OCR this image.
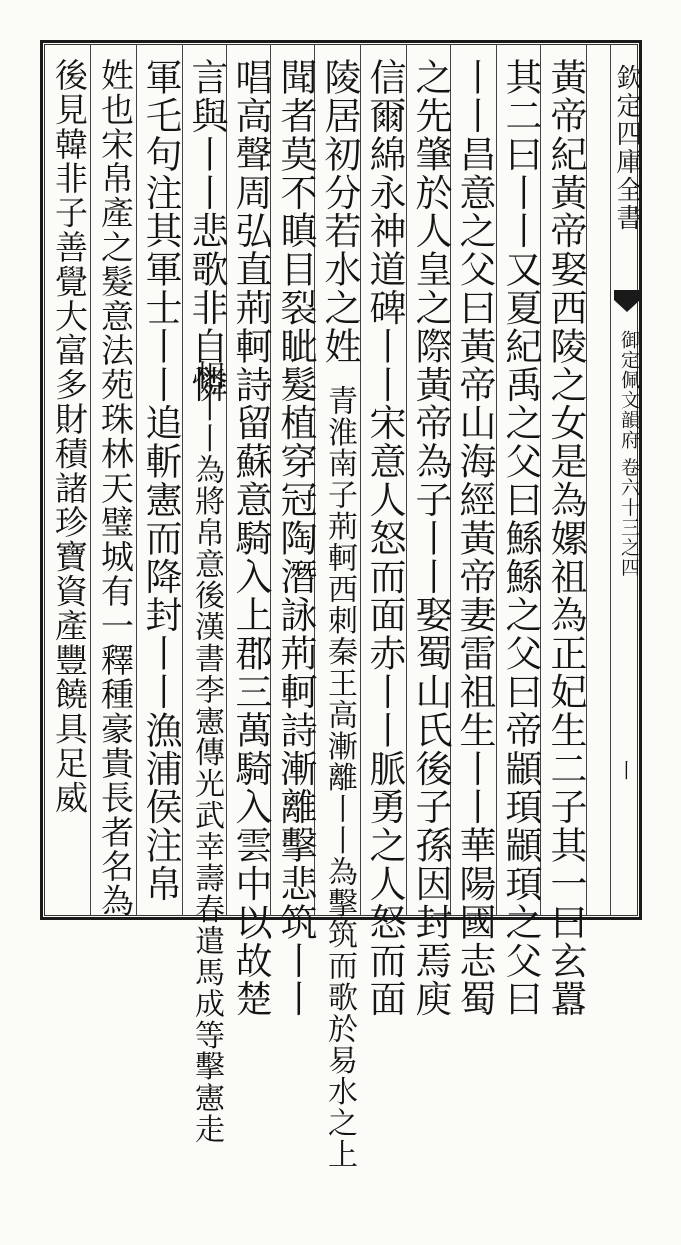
欽定四庫全書
御定佩文韻府 卷六十三之四
丨
黃帝紀黃帝娶西陵之女是為嫘祖為正妃生二子其一曰玄囂
其二曰丨丨又夏紀禹之父曰鯀鯀之父曰帝顓頊顓頊之父曰
丨丨昌意之父曰黃帝山海經黃帝妻雷祖生丨丨華陽國志蜀
之先肇於人皇之際黃帝為子丨丨娶蜀山氏後子孫因封焉庾
信爾綿永神道碑丨丨宋意人怒而面赤丨丨脈勇之人怒而面
陵居初分若水之姓
青淮南子荊軻西刺秦王高漸離丨丨為擊筑而歌於易水之上
聞者莫不瞋目裂眦髮植穿冠陶潛詠荊軻詩漸離擊悲筑丨丨
唱高聲周弘直荊軻詩留蘇意騎入上郡三萬騎入雲中以故楚
言與丨丨悲歌非自憐
相丨丨為將帛意後漢書李憲傳光武幸壽春遣馬成等擊憲走
軍乇句注其軍士丨丨追斬憲而降封丨丨漁浦侯注帛
姓也宋帛產之髮意法苑珠林天璧城有一釋種豪貴長者名為
後見韓非子善覺大富多財積諸珍寶資產豐饒具足威
